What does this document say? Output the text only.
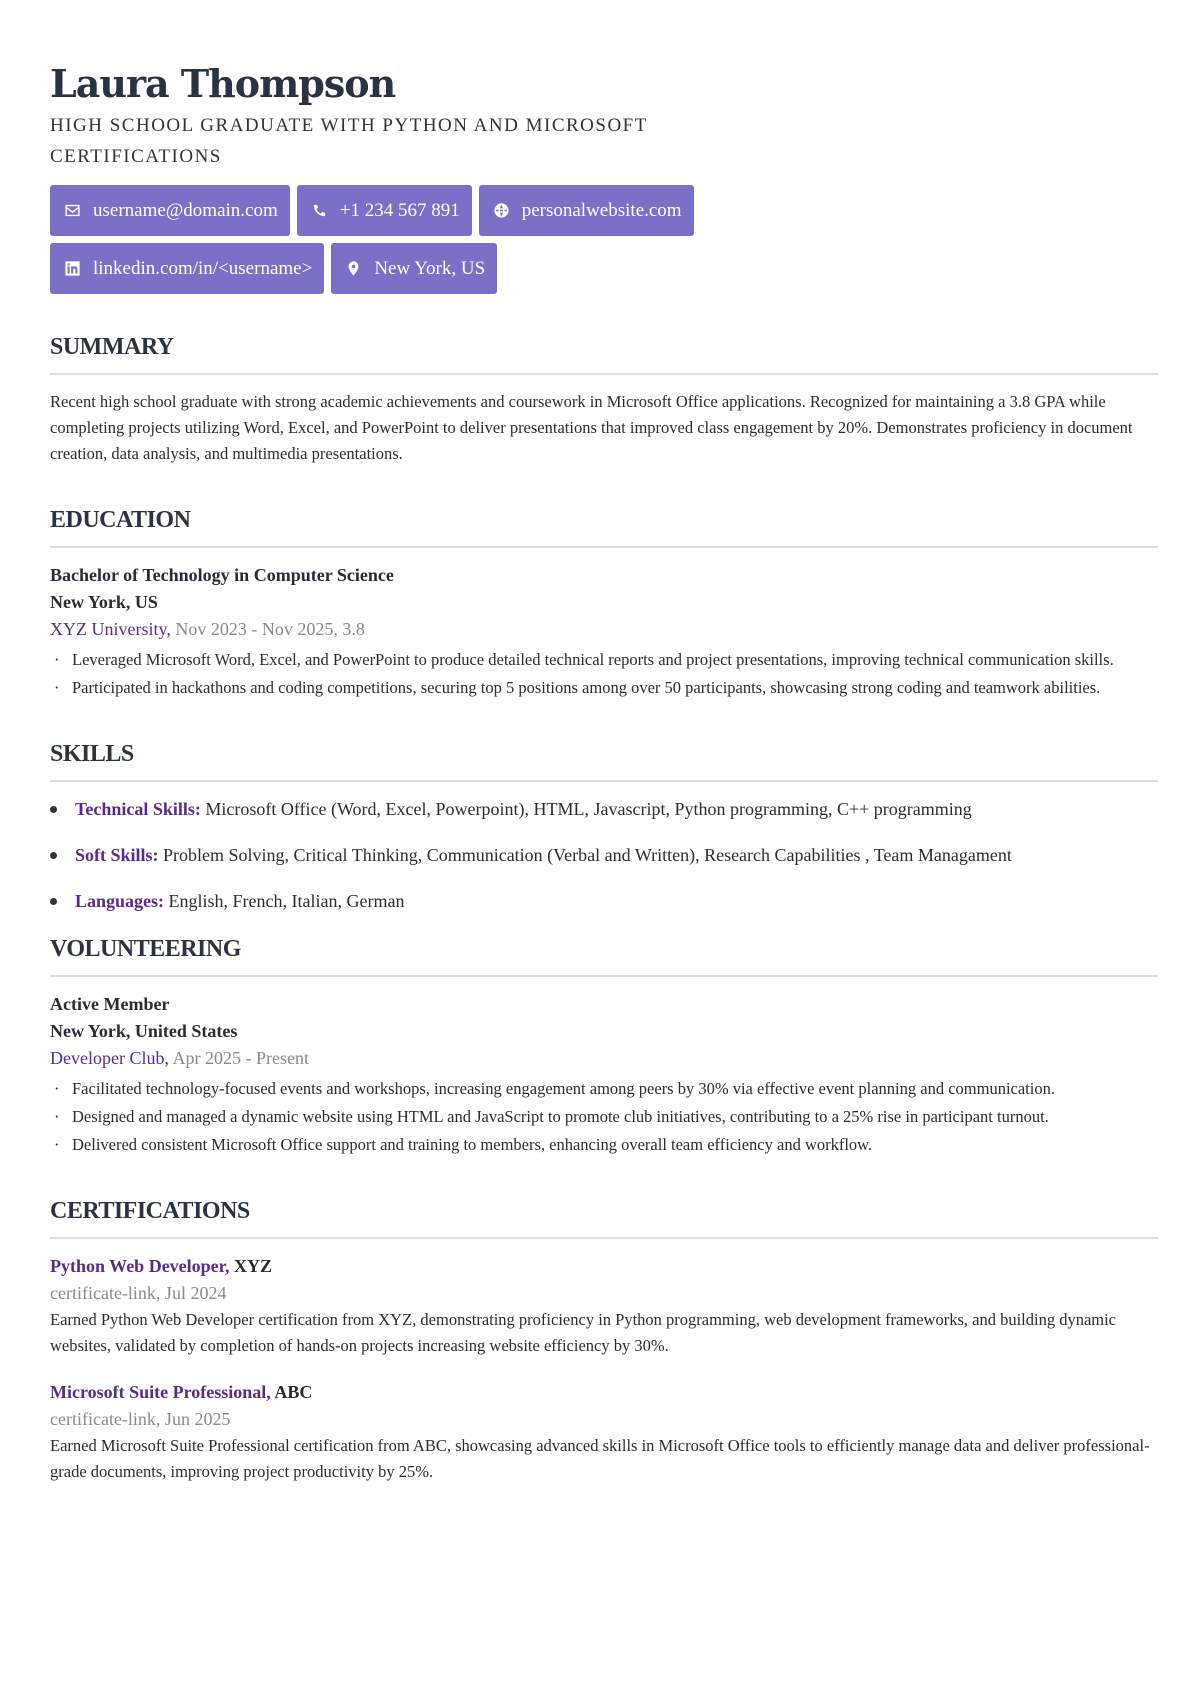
Laura Thompson
HIGH SCHOOL GRADUATE WITH PYTHON AND MICROSOFT CERTIFICATIONS
username@domain.com	+1 234 567 891	personalwebsite.com
linkedin.com/in/<username>	New York, US
SUMMARY
Recent high school graduate with strong academic achievements and coursework in Microsoft Office applications. Recognized for maintaining a 3.8 GPA while completing projects utilizing Word, Excel, and PowerPoint to deliver presentations that improved class engagement by 20%. Demonstrates proficiency in document creation, data analysis, and multimedia presentations.
EDUCATION
Bachelor of Technology in Computer Science
New York, US
XYZ University, Nov 2023 - Nov 2025, 3.8
· Leveraged Microsoft Word, Excel, and PowerPoint to produce detailed technical reports and project presentations, improving technical communication skills.
· Participated in hackathons and coding competitions, securing top 5 positions among over 50 participants, showcasing strong coding and teamwork abilities.
SKILLS
Technical Skills: Microsoft Office (Word, Excel, Powerpoint), HTML, Javascript, Python programming, C++ programming
Soft Skills: Problem Solving, Critical Thinking, Communication (Verbal and Written), Research Capabilities , Team Managament
Languages: English, French, Italian, German
VOLUNTEERING
Active Member
New York, United States
Developer Club, Apr 2025 - Present
· Facilitated technology-focused events and workshops, increasing engagement among peers by 30% via effective event planning and communication.
· Designed and managed a dynamic website using HTML and JavaScript to promote club initiatives, contributing to a 25% rise in participant turnout.
· Delivered consistent Microsoft Office support and training to members, enhancing overall team efficiency and workflow.
CERTIFICATIONS
Python Web Developer, XYZ
certificate-link, Jul 2024
Earned Python Web Developer certification from XYZ, demonstrating proficiency in Python programming, web development frameworks, and building dynamic websites, validated by completion of hands-on projects increasing website efficiency by 30%.
Microsoft Suite Professional, ABC
certificate-link, Jun 2025
Earned Microsoft Suite Professional certification from ABC, showcasing advanced skills in Microsoft Office tools to efficiently manage data and deliver professional-grade documents, improving project productivity by 25%.
